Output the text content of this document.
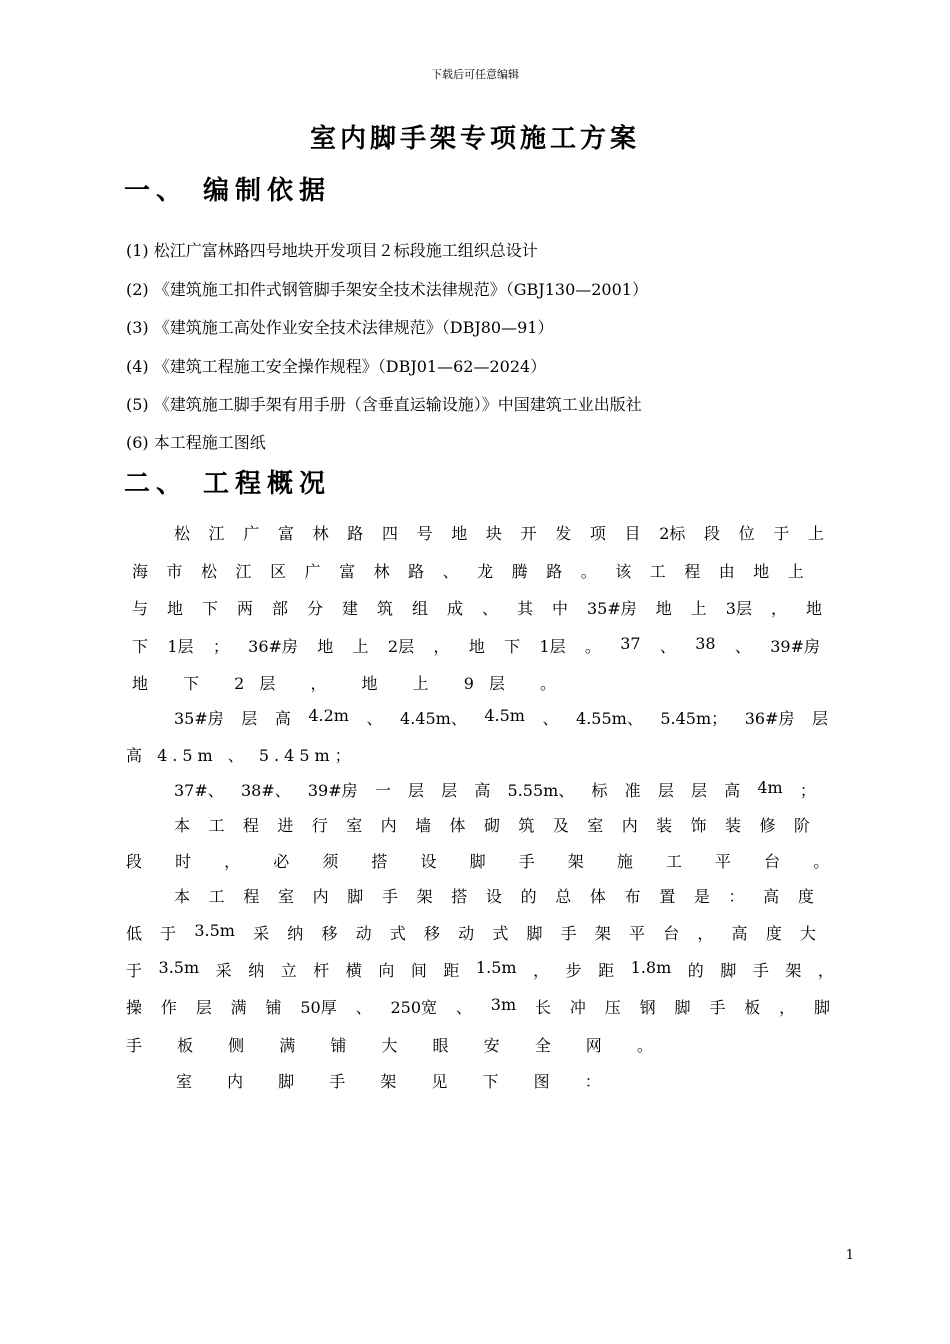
下载后可任意编辑
室内脚手架专项施工方案
一、 编制依据
(1) 松江广富林路四号地块开发项目２标段施工组织总设计
(2) 《建筑施工扣件式钢管脚手架安全技术法律规范》（GBJ130—2001）
(3) 《建筑施工高处作业安全技术法律规范》（DBJ80—91）
(4) 《建筑工程施工安全操作规程》（DBJ01—62—2024）
(5) 《建筑施工脚手架有用手册（含垂直运输设施）》中国建筑工业出版社
(6) 本工程施工图纸
二、 工程概况
松 江 广 富 林 路 四 号 地 块 开 发 项 目 2标 段 位 于 上
海 市 松 江 区 广 富 林 路 、 龙 腾 路 。 该 工 程 由 地 上
与 地 下 两 部 分 建 筑 组 成 、 其 中 35#房 地 上 3层 ， 地
下 1层 ； 36#房 地 上 2层 ， 地 下 1层 。 37 、 38 、 39#房
地 下 2层 ， 地 上 9层 。
35#房 层 高 4.2m 、 4.45m、 4.5m 、 4.55m、 5.45m； 36#房 层
高 4.5m 、 5.45m；
37#、 38#、 39#房 一 层 层 高 5.55m、 标 准 层 层 高 4m ；
本 工 程 进 行 室 内 墙 体 砌 筑 及 室 内 装 饰 装 修 阶
段 时 ， 必 须 搭 设 脚 手 架 施 工 平 台 。
本 工 程 室 内 脚 手 架 搭 设 的 总 体 布 置 是 ： 高 度
低 于 3.5m 采 纳 移 动 式 移 动 式 脚 手 架 平 台 ， 高 度 大
于 3.5m 采 纳 立 杆 横 向 间 距 1.5m ， 步 距 1.8m 的 脚 手 架 ，
操 作 层 满 铺 50厚 、 250宽 、 3m 长 冲 压 钢 脚 手 板 ， 脚
手 板 侧 满 铺 大 眼 安 全 网 。
室 内 脚 手 架 见 下 图 ：
1
